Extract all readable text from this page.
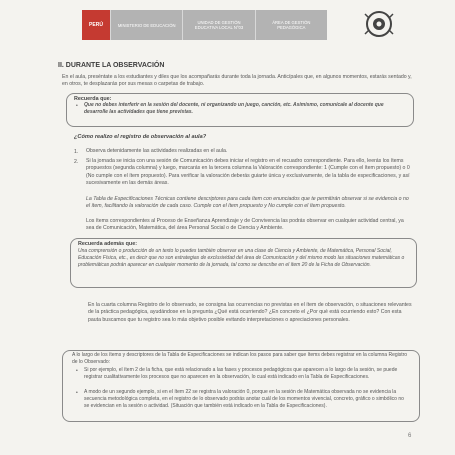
PERÚ	MINISTERIO DE EDUCACIÓN	UNIDAD DE GESTIÓN EDUCATIVA LOCAL N°03
ÁREA DE GESTIÓN PEDAGÓGICA
II. DURANTE LA OBSERVACIÓN
En el aula, preséntate a los estudiantes y diles que los acompañarás durante toda la jornada. Anticípales que, en algunos momentos, estarás sentado y, en otros, te desplazarás por sus mesas o carpetas de trabajo.
Recuerda que:
• Que no debes interferir en la sesión del docente, ni organizando un juego, canción, etc. Asimismo, comunícale al docente que desarrolle las actividades que tiene previstas.
¿Cómo realizo el registro de observación al aula?
1. Observa detenidamente las actividades realizadas en el aula.
2. Si la jornada se inicia con una sesión de Comunicación debes iniciar el registro en el recuadro correspondiente. Para ello, leerás los ítems propuestos (segunda columna) y luego, marcarás en la tercera columna la Valoración correspondiente: 1 (Cumple con el ítem propuesto) o 0 (No cumple con el ítem propuesto). Para verificar la valoración deberás guiarte única y exclusivamente, de la tabla de especificaciones, y así sucesivamente en las demás áreas.
La Tabla de Especificaciones Técnicas contiene descriptores para cada ítem con enunciados que te permitirán observar si se evidencia o no el ítem, facilitando la valoración de cada caso. Cumple con el ítem propuesto y No cumple con el ítem propuesto.
Los ítems correspondientes al Proceso de Enseñanza Aprendizaje y de Convivencia las podrás observar en cualquier actividad central, ya sea de Comunicación, Matemática, del área Personal Social o de Ciencia y Ambiente.
Recuerda además que:
Una comprensión o producción de un texto lo puedes también observar en una clase de Ciencia y Ambiente, de Matemática, Personal Social, Educación Física, etc., es decir que no son estrategias de exclusividad del área de Comunicación y del mismo modo las situaciones matemáticas o problemáticas podrán aparecer en cualquier momento de la jornada, tal como se describe en el ítem 20 de la Ficha de Observación.
En la cuarta columna Registro de lo observado, se consigna las ocurrencias no previstas en el ítem de observación, o situaciones relevantes de la práctica pedagógica, ayudándose en la pregunta ¿Qué está ocurriendo? ¿En concreto el ¿Por qué está ocurriendo esto? Con esta pauta buscamos que tu registro sea lo más objetivo posible evitando interpretaciones o apreciaciones personales.
A lo largo de los ítems y descriptores de la Tabla de Especificaciones se indican los pasos para saber que ítems debes registrar en la columna Registro de lo Observado:
• Si por ejemplo, el ítem 2 de la ficha, que está relacionado a las fases y procesos pedagógicos que aparecen a lo largo de la sesión, se puede registrar cualitativamente los procesos que no aparecen en la observación, lo cual está indicado en la Tabla de Especificaciones.
• A modo de un segundo ejemplo, si en el ítem 22 se registra la valoración 0, porque en la sesión de Matemática observada no se evidencia la secuencia metodológica completa, en el registro de lo observado podrás anotar cuál de los momentos vivencial, concreto, gráfico o simbólico no se evidencian en la sesión o actividad. (Situación que también está indicado en la Tabla de Especificaciones).
6
